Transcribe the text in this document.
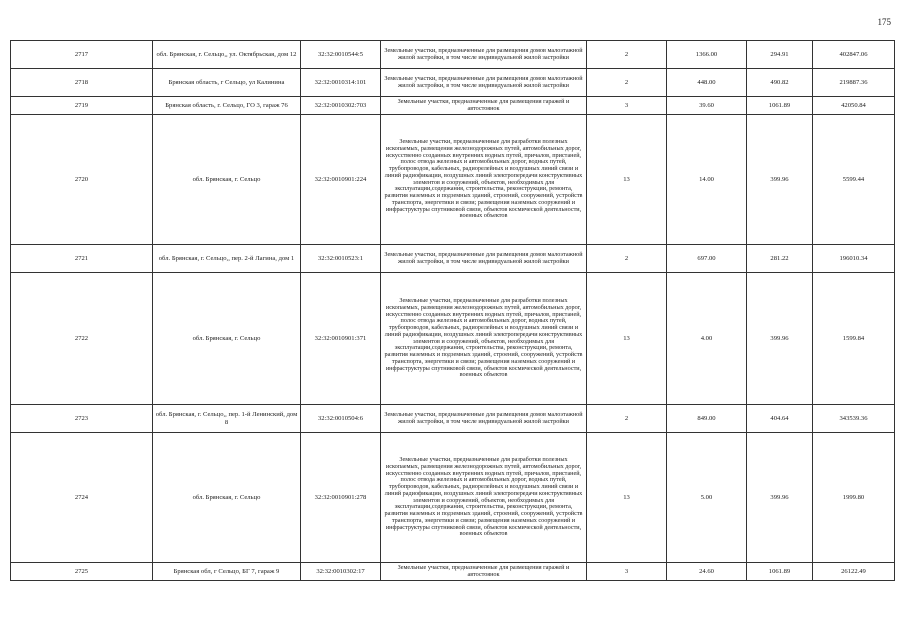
175
2717	обл. Брянская, г. Сельцо,, ул. Октябрьская, дом 12	32:32:0010544:5	Земельные участки, предназначенные для размещения домов малоэтажной жилой застройки, в том числе индивидуальной жилой застройки	2	1366.00	294.91	402847.06
2718	Брянская область, г Сельцо, ул Калинина	32:32:0010314:101	Земельные участки, предназначенные для размещения домов малоэтажной жилой застройки, в том числе индивидуальной жилой застройки	2	448.00	490.82	219887.36
2719	Брянская область, г. Сельцо, ГО 3, гараж 76	32:32:0010302:703	Земельные участки, предназначенные для размещения гаражей и автостоянок	3	39.60	1061.89	42050.84
2720	обл. Брянская, г. Сельцо	32:32:0010901:224	Земельные участки, предназначенные для разработки полезных ископаемых, размещения железнодорожных путей, автомобильных дорог, искусственно созданных внутренних водных путей, причалов, пристаней, полос отвода железных и автомобильных дорог, водных путей, трубопроводов, кабельных, радиорелейных и воздушных линий связи и линий радиофикации, воздушных линий электропередачи конструктивных элементов и сооружений, объектов, необходимых для эксплуатации,содержания, строительства, реконструкции, ремонта, развития наземных и подземных зданий, строений, сооружений, устройств транспорта, энергетики и связи; размещения наземных сооружений и инфраструктуры спутниковой связи, объектов космической деятельности, военных объектов	13	14.00	399.96	5599.44
2721	обл. Брянская, г. Сельцо,, пер. 2-й Лагина, дом 1	32:32:0010523:1	Земельные участки, предназначенные для размещения домов малоэтажной жилой застройки, в том числе индивидуальной жилой застройки	2	697.00	281.22	196010.34
2722	обл. Брянская, г. Сельцо	32:32:0010901:371	Земельные участки, предназначенные для разработки полезных ископаемых, размещения железнодорожных путей, автомобильных дорог, искусственно созданных внутренних водных путей, причалов, пристаней, полос отвода железных и автомобильных дорог, водных путей, трубопроводов, кабельных, радиорелейных и воздушных линий связи и линий радиофикации, воздушных линий электропередачи конструктивных элементов и сооружений, объектов, необходимых для эксплуатации,содержания, строительства, реконструкции, ремонта, развития наземных и подземных зданий, строений, сооружений, устройств транспорта, энергетики и связи; размещения наземных сооружений и инфраструктуры спутниковой связи, объектов космической деятельности, военных объектов	13	4.00	399.96	1599.84
2723	обл. Брянская, г. Сельцо,, пер. 1-й Ленинский, дом 8	32:32:0010504:6	Земельные участки, предназначенные для размещения домов малоэтажной жилой застройки, в том числе индивидуальной жилой застройки	2	849.00	404.64	343539.36
2724	обл. Брянская, г. Сельцо	32:32:0010901:278	Земельные участки, предназначенные для разработки полезных ископаемых, размещения железнодорожных путей, автомобильных дорог, искусственно созданных внутренних водных путей, причалов, пристаней, полос отвода железных и автомобильных дорог, водных путей, трубопроводов, кабельных, радиорелейных и воздушных линий связи и линий радиофикации, воздушных линий электропередачи конструктивных элементов и сооружений, объектов, необходимых для эксплуатации,содержания, строительства, реконструкции, ремонта, развития наземных и подземных зданий, строений, сооружений, устройств транспорта, энергетики и связи; размещения наземных сооружений и инфраструктуры спутниковой связи, объектов космической деятельности, военных объектов	13	5.00	399.96	1999.80
2725	Брянская обл, г Сельцо, БГ 7, гараж 9	32:32:0010302:17	Земельные участки, предназначенные для размещения гаражей и автостоянок	3	24.60	1061.89	26122.49
